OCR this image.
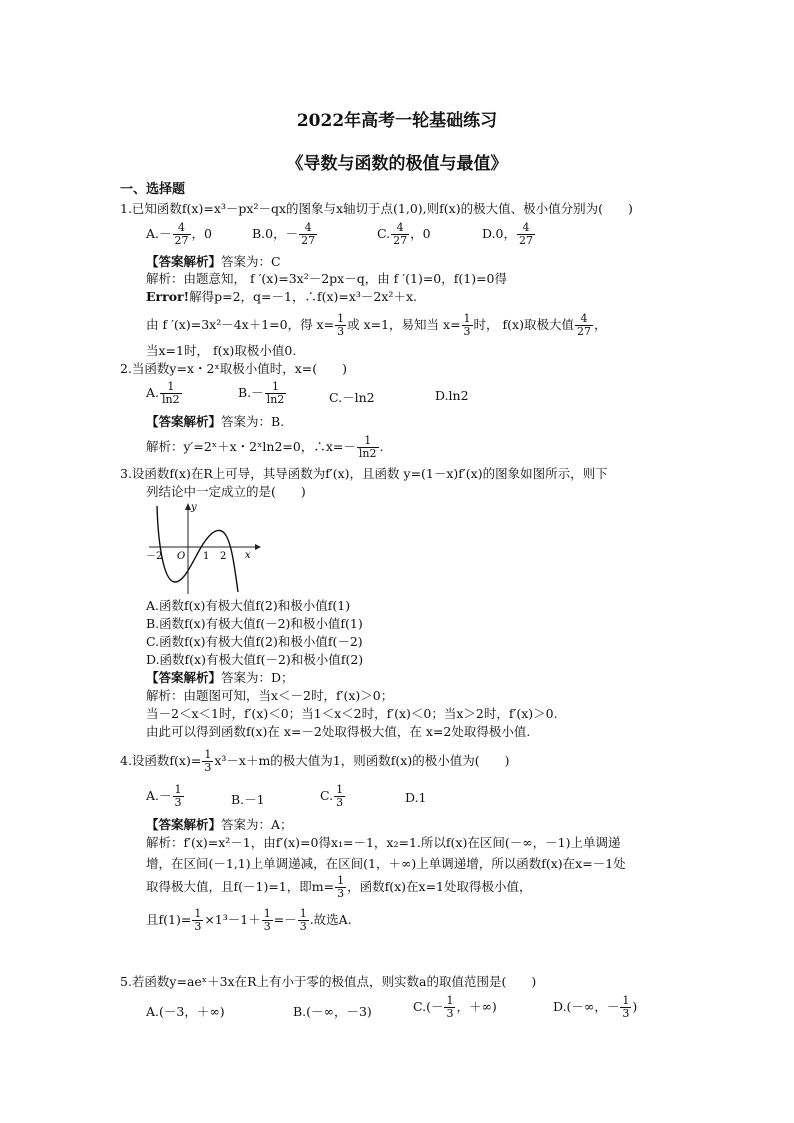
2022年高考一轮基础练习
《导数与函数的极值与最值》
一、选择题
1.已知函数f(x)=x³－px²－qx的图象与x轴切于点(1,0),则f(x)的极大值、极小值分别为(　　)
$A.- \frac{4}{27}$ ，0	B.0，－ $\frac{4}{27}$	C. $\frac{4}{27}$ ，0	D.0， $\frac{4}{27}$
【答案解析】答案为：C
解析：由题意知， f ′(x)=3x²－2px－q，由 f ′(1)=0，f(1)=0得
Error!解得p=2，q=－1，∴f(x)=x³－2x²＋x.
由 f ′(x)=3x²－4x＋1=0，得 $x= \frac{1}{3}$ 或 x=1，易知当 $x= \frac{1}{3}$ 时， f(x)取极大值 $\frac{4}{27}$ ，
当x=1时， f(x)取极小值0.
2.当函数y=x・2ˣ取极小值时，x=(　　)
A. $\frac{1}{\ln 2}$	$B.- \frac{1}{\ln 2}$	C.－ln2	D.ln2
【答案解析】答案为：B.
解析：y′=2ˣ＋x・2ˣln2=0，∴x=－ $\frac{1}{\ln 2}$ .
3.设函数f(x)在R上可导，其导函数为f′(x)，且函数 y=(1－x)f′(x)的图象如图所示，则下
列结论中一定成立的是(　　)
y
x
O
－2	1 2
A.函数f(x)有极大值f(2)和极小值f(1)
B.函数f(x)有极大值f(－2)和极小值f(1)
C.函数f(x)有极大值f(2)和极小值f(－2)
D.函数f(x)有极大值f(－2)和极小值f(2)
【答案解析】答案为：D；
解析：由题图可知，当x＜－2时，f′(x)＞0；
当－2＜x＜1时，f′(x)＜0；当1＜x＜2时，f′(x)＜0；当x＞2时，f′(x)＞0.
由此可以得到函数f(x)在 x=－2处取得极大值，在 x=2处取得极小值.
4.设函数$f(x)= \frac{1}{3} x^3-x+m$的极大值为1，则函数f(x)的极小值为(　　)
$A.- \frac{1}{3}$	B.－1	C. $\frac{1}{3}$	D.1
【答案解析】答案为：A；
解析：f′(x)=x²－1，由f′(x)=0得x₁=－1，x₂=1.所以f(x)在区间(－∞，－1)上单调递
增，在区间(－1,1)上单调递减，在区间(1，＋∞)上单调递增，所以函数f(x)在x=－1处
取得极大值，且f(－1)=1，即$m= \frac{1}{3}$ ，函数f(x)在x=1处取得极小值，
且$f(1)= \frac{1}{3} \times 1^3-1+ \frac{1}{3} =- \frac{1}{3}$ .故选A.
5.若函数y=aeˣ＋3x在R上有小于零的极值点，则实数a的取值范围是(　　)
A.(－3，＋∞)	B.(－∞，－3)	$C.(- \frac{1}{3}$ ，＋∞)	D.(－∞，－ $\frac{1}{3}$ )
